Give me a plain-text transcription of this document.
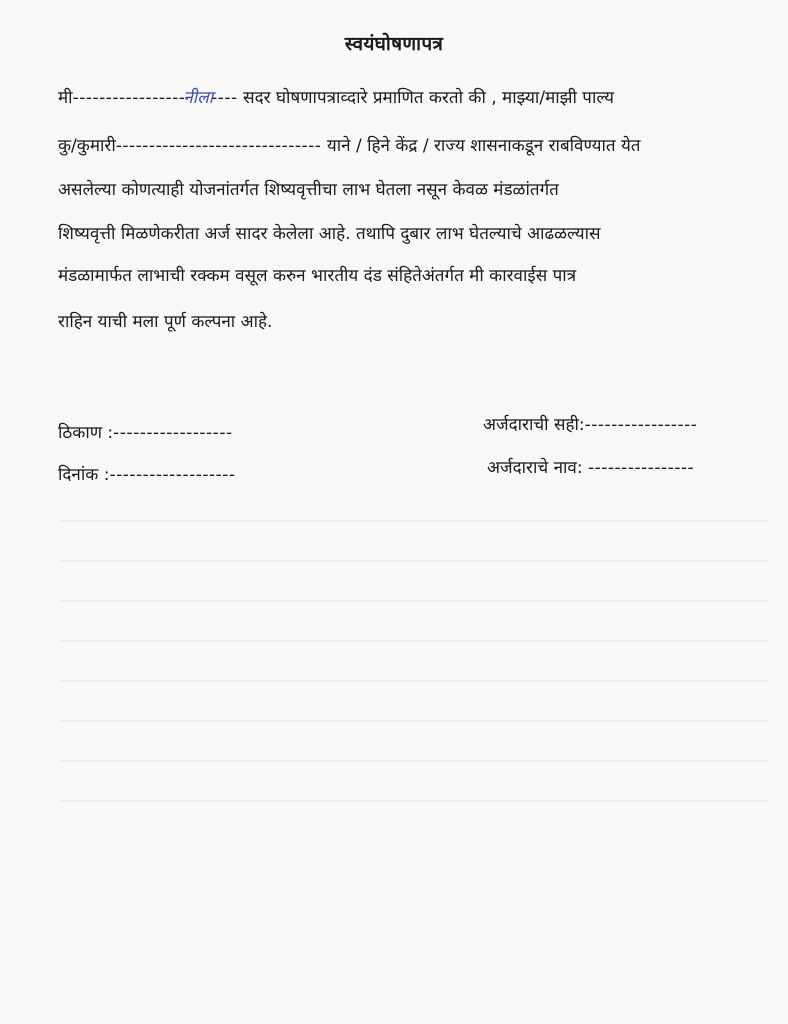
स्वयंघोषणापत्र
मी-----------------नीला---- सदर घोषणापत्राव्दारे प्रमाणित करतो की , माझ्या/माझी पाल्य
कु/कुमारी------------------------------- याने / हिने केंद्र / राज्य शासनाकडून राबविण्यात येत
असलेल्या कोणत्याही योजनांतर्गत शिष्यवृत्तीचा लाभ घेतला नसून केवळ मंडळांतर्गत
शिष्यवृत्ती मिळणेकरीता अर्ज सादर केलेला आहे. तथापि दुबार लाभ घेतल्याचे आढळल्यास
मंडळामार्फत लाभाची रक्कम वसूल करुन भारतीय दंड संहितेअंतर्गत मी कारवाईस पात्र
राहिन याची मला पूर्ण कल्पना आहे.
ठिकाण :------------------
दिनांक :-------------------
अर्जदाराची सही:-----------------
अर्जदाराचे नाव: ----------------
